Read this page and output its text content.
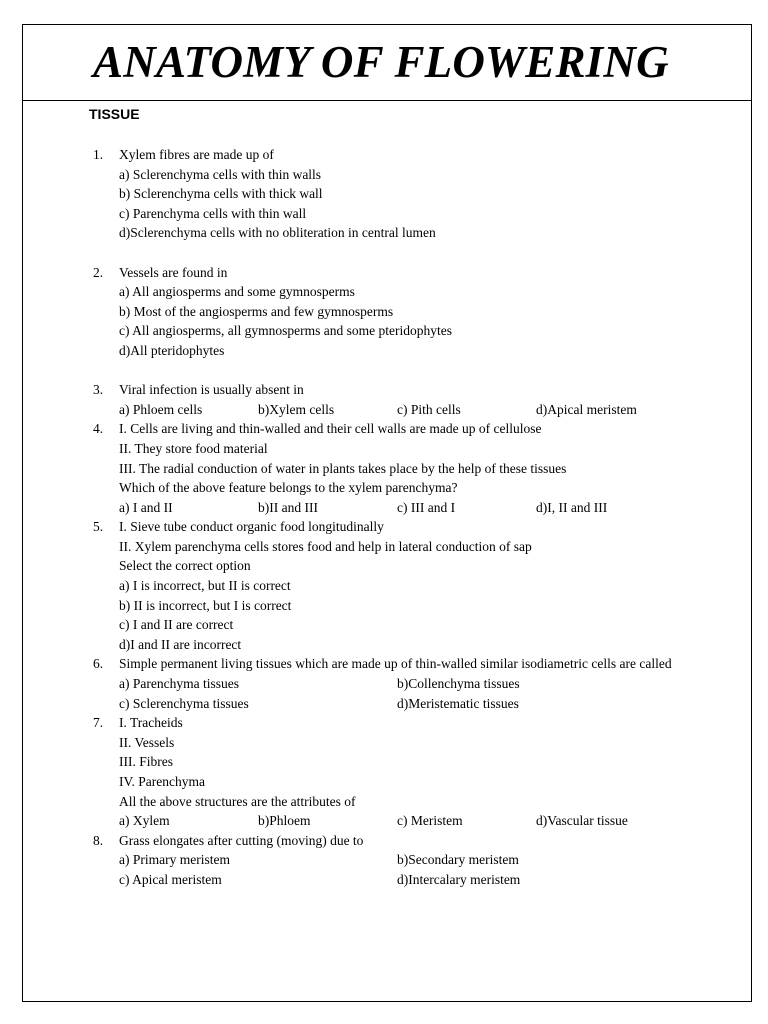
ANATOMY OF FLOWERING
TISSUE
1. Xylem fibres are made up of
a) Sclerenchyma cells with thin walls
b) Sclerenchyma cells with thick wall
c) Parenchyma cells with thin wall
d)Sclerenchyma cells with no obliteration in central lumen
2. Vessels are found in
a) All angiosperms and some gymnosperms
b) Most of the angiosperms and few gymnosperms
c) All angiosperms, all gymnosperms and some pteridophytes
d)All pteridophytes
3. Viral infection is usually absent in
a) Phloem cells	b)Xylem cells	c) Pith cells	d)Apical meristem
4. I. Cells are living and thin-walled and their cell walls are made up of cellulose
II. They store food material
III. The radial conduction of water in plants takes place by the help of these tissues
Which of the above feature belongs to the xylem parenchyma?
a) I and II	b)II and III	c) III and I	d)I, II and III
5. I. Sieve tube conduct organic food longitudinally
II. Xylem parenchyma cells stores food and help in lateral conduction of sap
Select the correct option
a) I is incorrect, but II is correct
b) II is incorrect, but I is correct
c) I and II are correct
d)I and II are incorrect
6. Simple permanent living tissues which are made up of thin-walled similar isodiametric cells are called
a) Parenchyma tissues	b)Collenchyma tissues
c) Sclerenchyma tissues	d)Meristematic tissues
7. I. Tracheids
II. Vessels
III. Fibres
IV. Parenchyma
All the above structures are the attributes of
a) Xylem	b)Phloem	c) Meristem	d)Vascular tissue
8. Grass elongates after cutting (moving) due to
a) Primary meristem	b)Secondary meristem
c) Apical meristem	d)Intercalary meristem
